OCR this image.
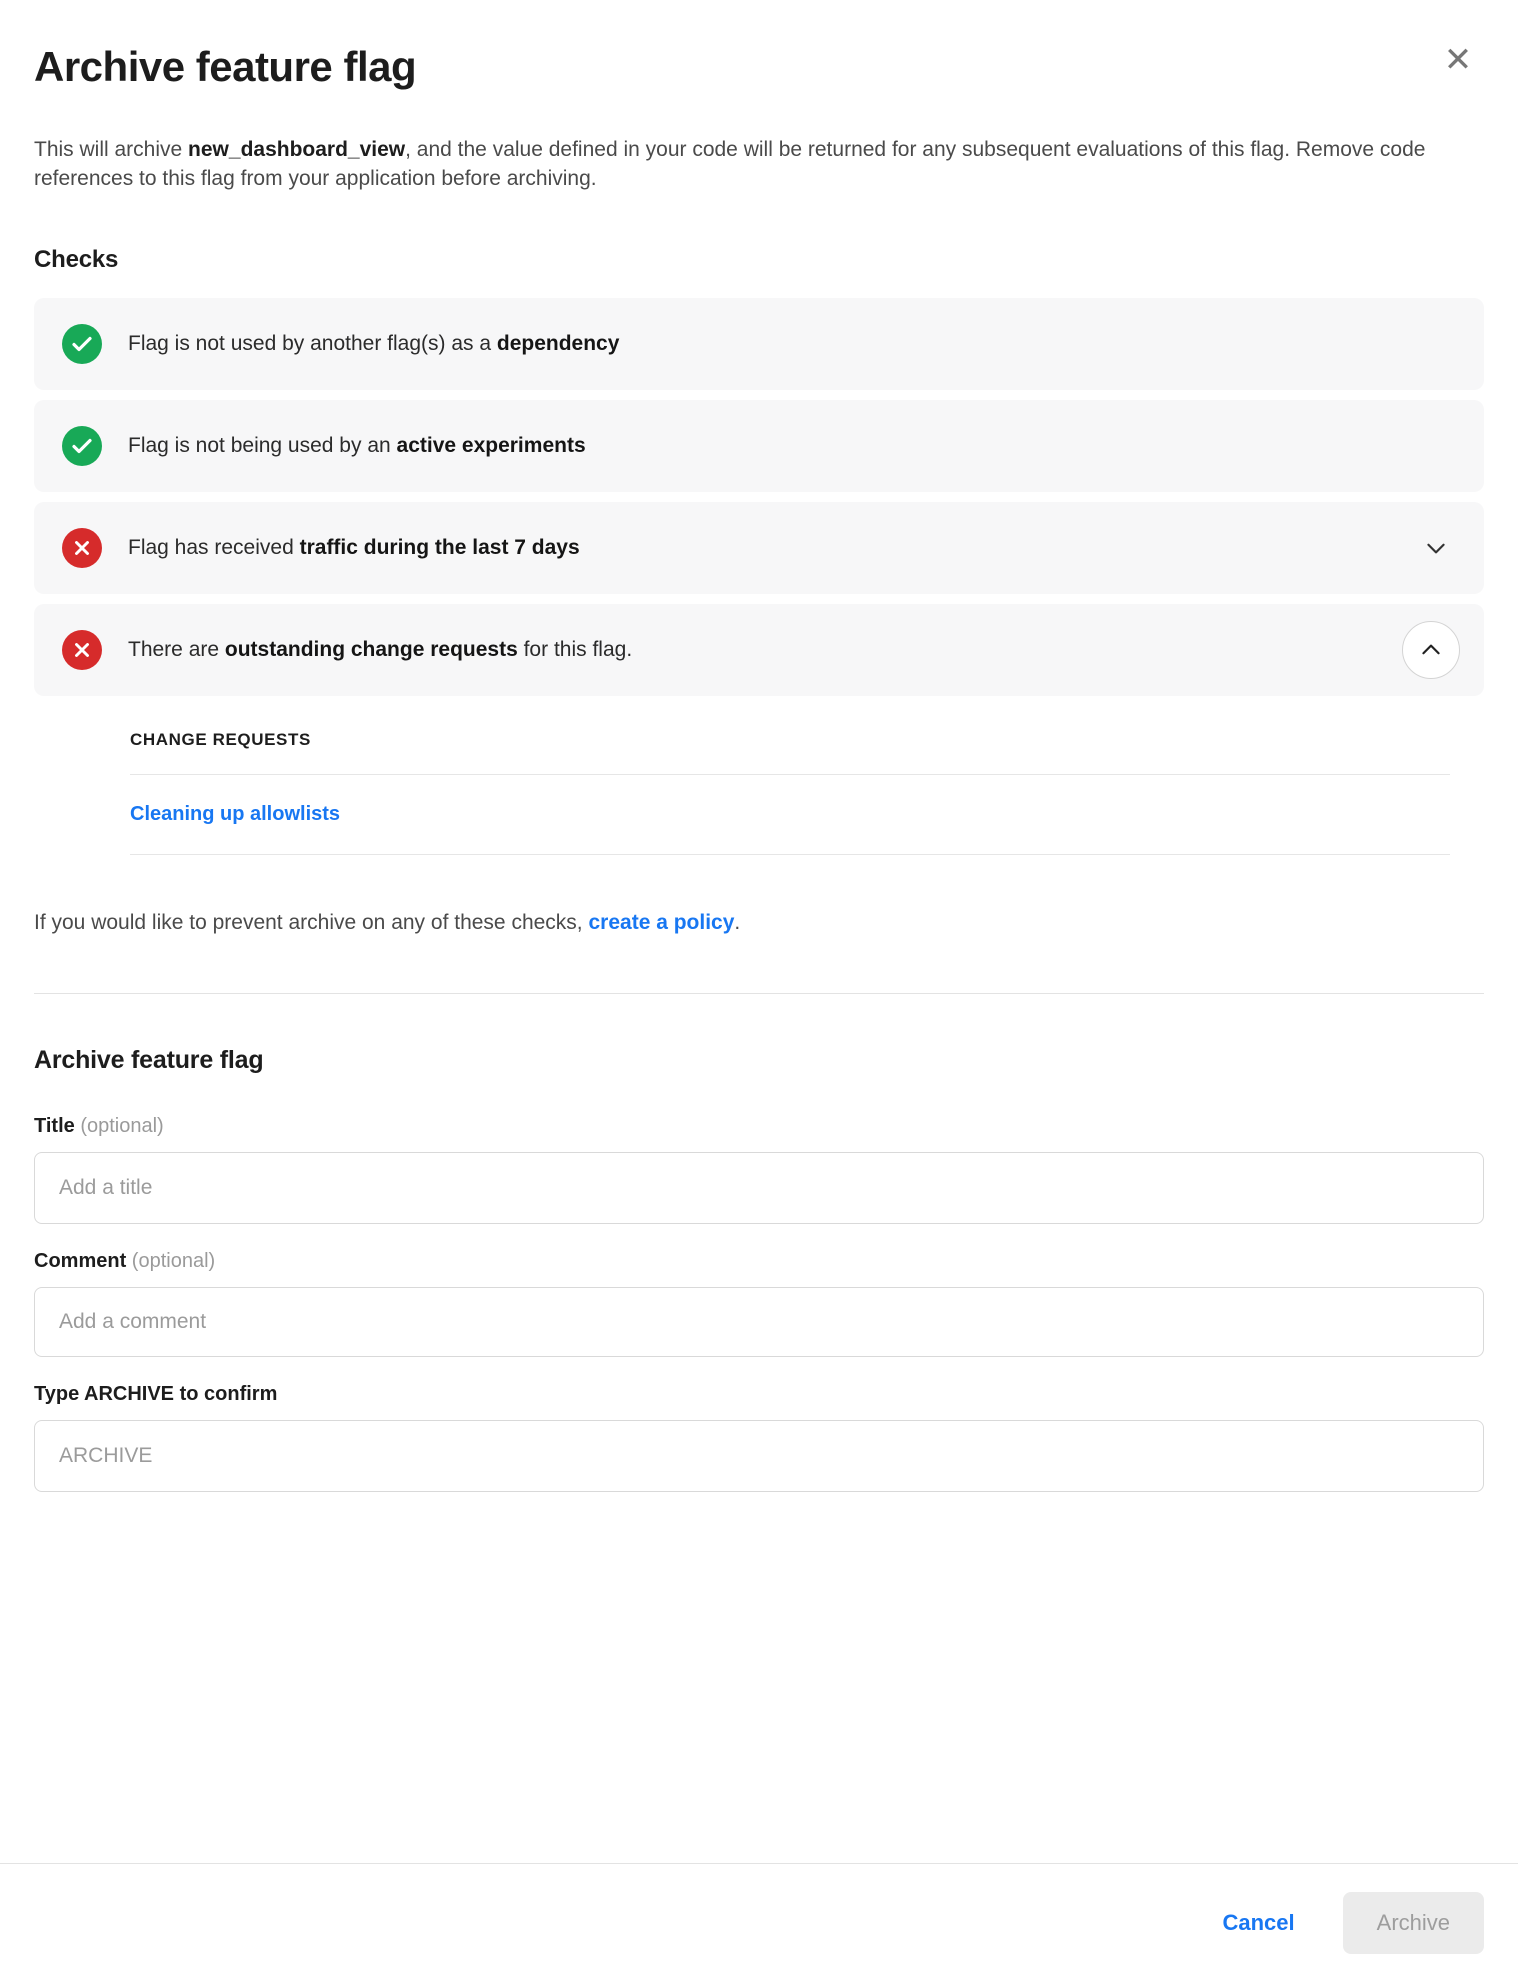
✕
Archive feature flag

This will archive new_dashboard_view, and the value defined in your code will be returned for any subsequent evaluations of this flag. Remove code references to this flag from your application before archiving.

Checks
Flag is not used by another flag(s) as a dependency
Flag is not being used by an active experiments
Flag has received traffic during the last 7 days
There are outstanding change requests for this flag.
CHANGE REQUESTS
Cleaning up allowlists

If you would like to prevent archive on any of these checks, create a policy.

Archive feature flag
Title (optional)
Add a title
Comment (optional)
Add a comment
Type ARCHIVE to confirm
ARCHIVE
Cancel	Archive
